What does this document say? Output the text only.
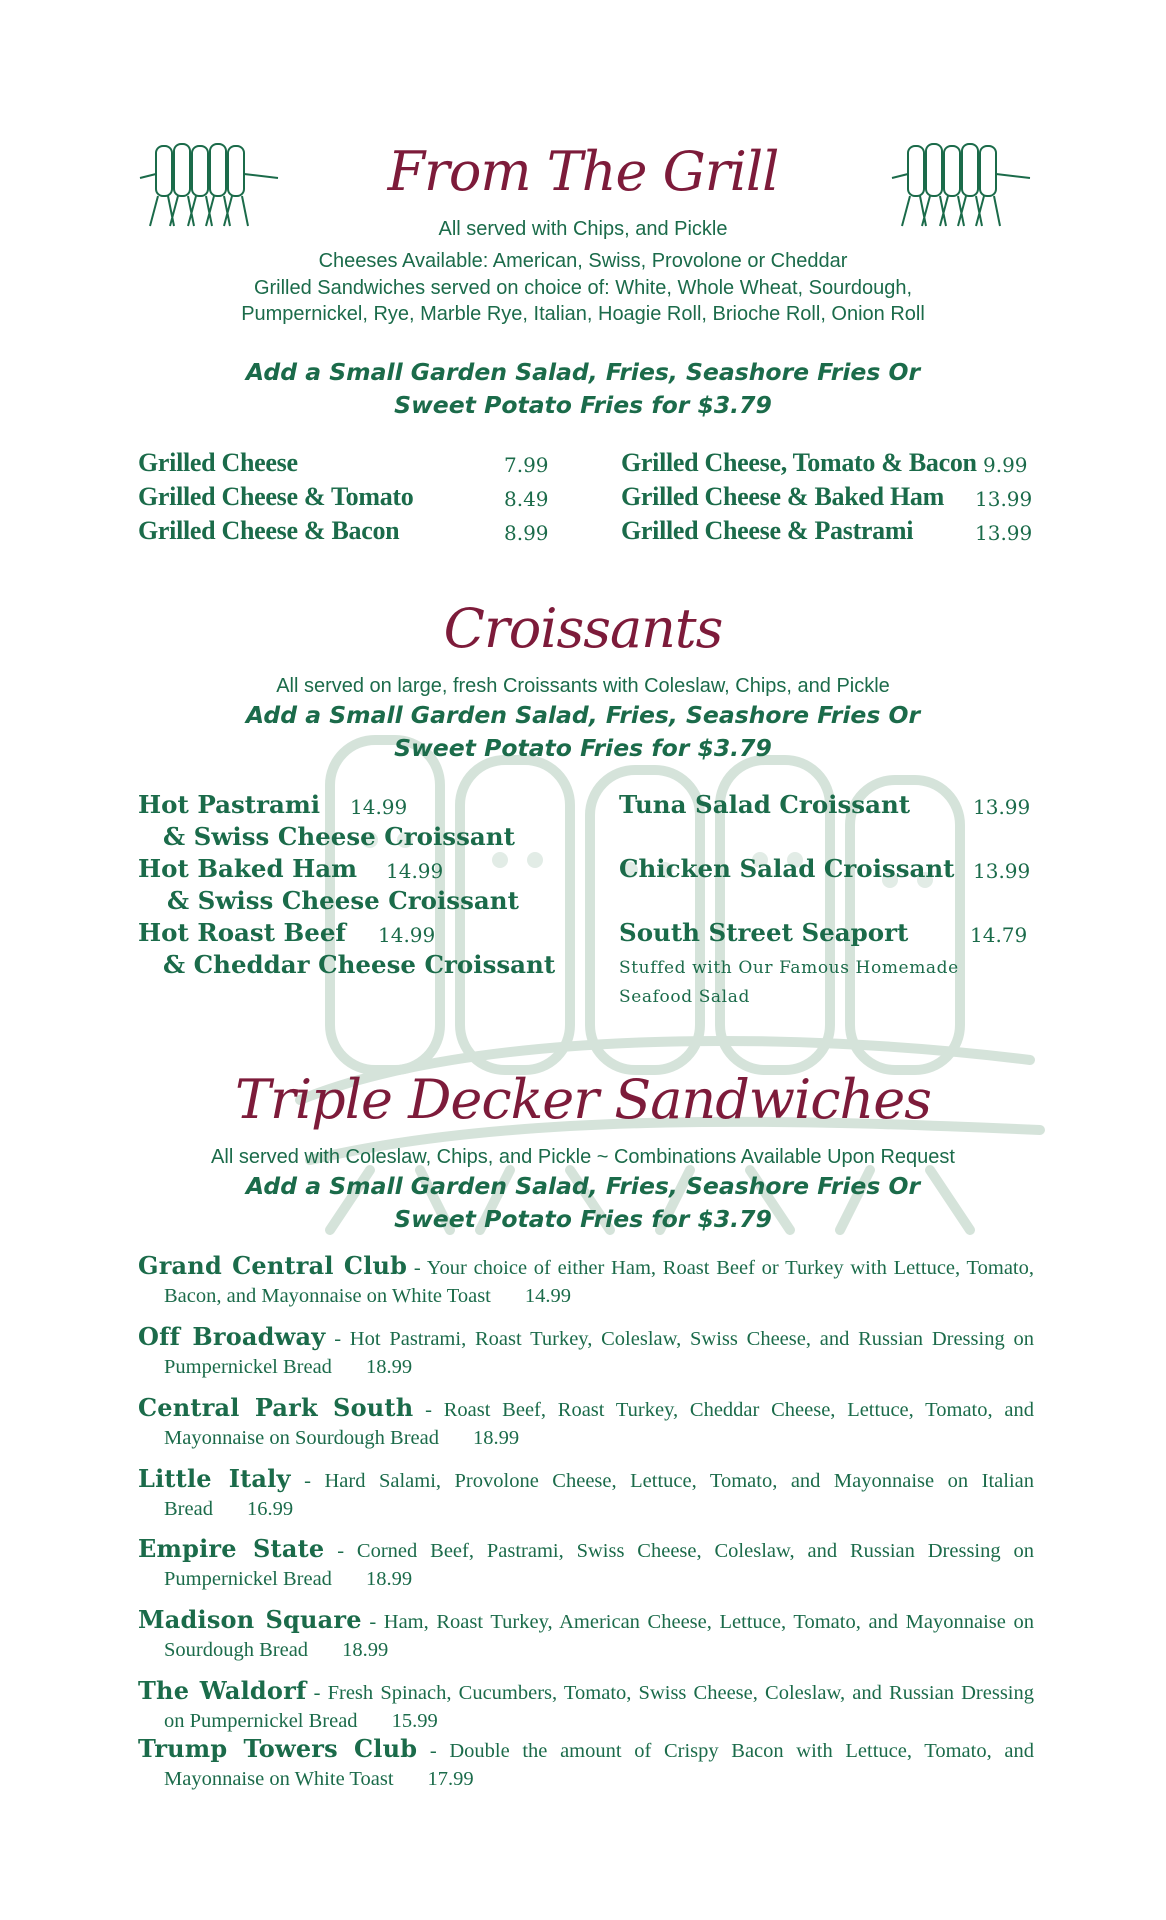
From The Grill
All served with Chips, and Pickle
Cheeses Available: American, Swiss, Provolone or Cheddar
Grilled Sandwiches served on choice of: White, Whole Wheat, Sourdough,
Pumpernickel, Rye, Marble Rye, Italian, Hoagie Roll, Brioche Roll, Onion Roll
Add a Small Garden Salad, Fries, Seashore Fries Or
Sweet Potato Fries for $3.79
Grilled Cheese	7.99
Grilled Cheese & Tomato	8.49
Grilled Cheese & Bacon	8.99
Grilled Cheese, Tomato & Bacon 9.99
Grilled Cheese & Baked Ham 13.99
Grilled Cheese & Pastrami	13.99
Croissants
All served on large, fresh Croissants with Coleslaw, Chips, and Pickle
Add a Small Garden Salad, Fries, Seashore Fries Or
Sweet Potato Fries for $3.79
Hot Pastrami 14.99
& Swiss Cheese Croissant
Hot Baked Ham 14.99
& Swiss Cheese Croissant
Hot Roast Beef 14.99
& Cheddar Cheese Croissant
Tuna Salad Croissant	13.99
Chicken Salad Croissant 13.99
South Street Seaport	14.79
Stuffed with Our Famous Homemade Seafood Salad
Triple Decker Sandwiches
All served with Coleslaw, Chips, and Pickle ~ Combinations Available Upon Request
Add a Small Garden Salad, Fries, Seashore Fries Or
Sweet Potato Fries for $3.79
Grand Central Club - Your choice of either Ham, Roast Beef or Turkey with Lettuce, Tomato, Bacon, and Mayonnaise on White Toast 14.99
Off Broadway - Hot Pastrami, Roast Turkey, Coleslaw, Swiss Cheese, and Russian Dressing on Pumpernickel Bread 18.99
Central Park South - Roast Beef, Roast Turkey, Cheddar Cheese, Lettuce, Tomato, and Mayonnaise on Sourdough Bread 18.99
Little Italy - Hard Salami, Provolone Cheese, Lettuce, Tomato, and Mayonnaise on Italian Bread 16.99
Empire State - Corned Beef, Pastrami, Swiss Cheese, Coleslaw, and Russian Dressing on Pumpernickel Bread 18.99
Madison Square - Ham, Roast Turkey, American Cheese, Lettuce, Tomato, and Mayonnaise on Sourdough Bread 18.99
The Waldorf - Fresh Spinach, Cucumbers, Tomato, Swiss Cheese, Coleslaw, and Russian Dressing on Pumpernickel Bread 15.99
Trump Towers Club - Double the amount of Crispy Bacon with Lettuce, Tomato, and Mayonnaise on White Toast 17.99
